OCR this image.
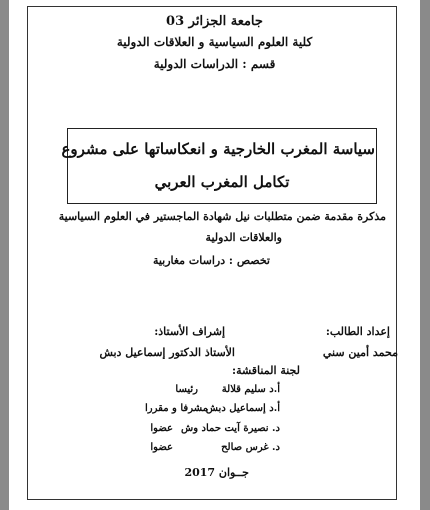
جامعة الجزائر 03
كلية العلوم السياسية و العلاقات الدولية
قسم : الدراسات الدولية
سياسة المغرب الخارجية و انعكاساتها على مشروع
تكامل المغرب العربي
مذكرة مقدمة ضمن متطلبات نيل شهادة الماجستير في العلوم السياسية
والعلاقات الدولية
تخصص : دراسات مغاربية
إعداد الطالب:
إشراف الأستاذ:
محمد أمين سني
الأستاذ الدكتور إسماعيل دبش
لجنة المناقشة:
أ.د سليم قلالة
رئيسا
أ.د إسماعيل دبش
مشرفا و مقررا
د. نصيرة آيت حماد وش
عضوا
د. غرس صالح
عضوا
جــوان 2017
